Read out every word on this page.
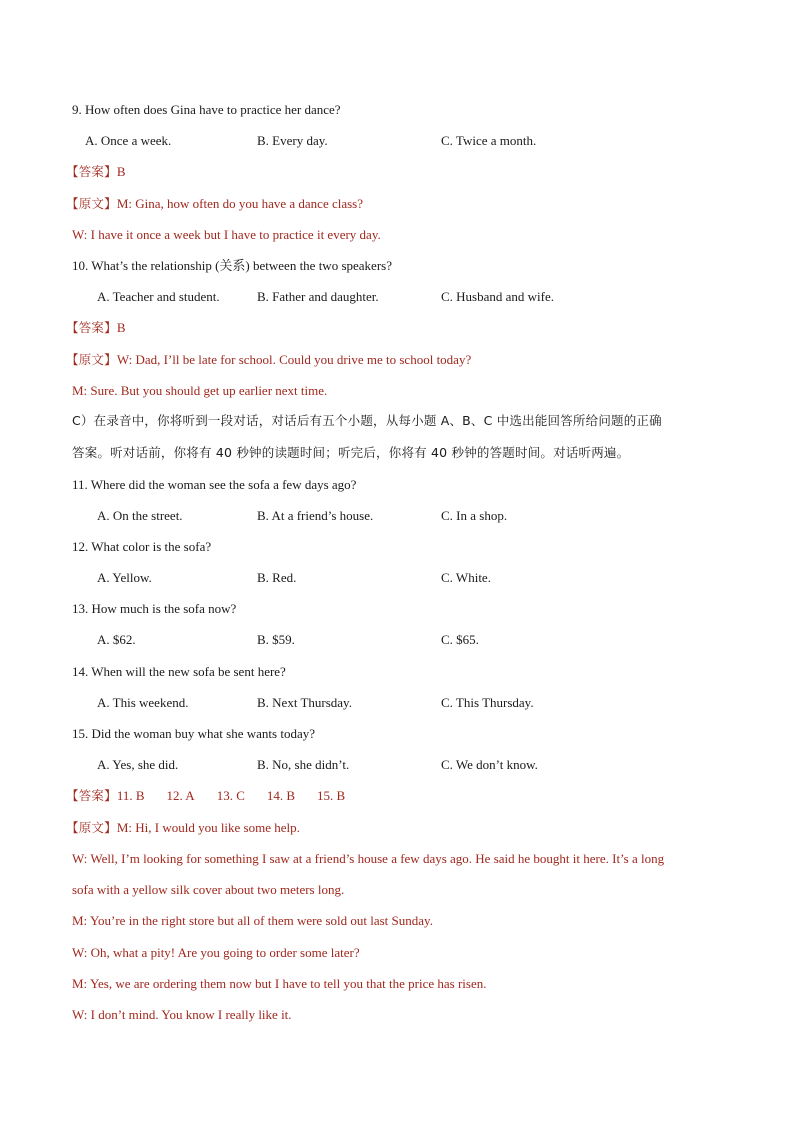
9. How often does Gina have to practice her dance?
A. Once a week.	B. Every day.	C. Twice a month.
【答案】B
【原文】M: Gina, how often do you have a dance class?
W: I have it once a week but I have to practice it every day.
10. What’s the relationship (关系) between the two speakers?
A. Teacher and student.	B. Father and daughter.	C. Husband and wife.
【答案】B
【原文】W: Dad, I’ll be late for school. Could you drive me to school today?
M: Sure. But you should get up earlier next time.
C）在录音中，你将听到一段对话，对话后有五个小题，从每小题 A、B、C 中选出能回答所给问题的正确
答案。听对话前，你将有 40 秒钟的读题时间；听完后，你将有 40 秒钟的答题时间。对话听两遍。
11. Where did the woman see the sofa a few days ago?
A. On the street.	B. At a friend’s house.	C. In a shop.
12. What color is the sofa?
A. Yellow.	B. Red.	C. White.
13. How much is the sofa now?
A. $62.	B. $59.	C. $65.
14. When will the new sofa be sent here?
A. This weekend.	B. Next Thursday.	C. This Thursday.
15. Did the woman buy what she wants today?
A. Yes, she did.	B. No, she didn’t.	C. We don’t know.
【答案】11. B 12. A 13. C 14. B 15. B
【原文】M: Hi, I would you like some help.
W: Well, I’m looking for something I saw at a friend’s house a few days ago. He said he bought it here. It’s a long
sofa with a yellow silk cover about two meters long.
M: You’re in the right store but all of them were sold out last Sunday.
W: Oh, what a pity! Are you going to order some later?
M: Yes, we are ordering them now but I have to tell you that the price has risen.
W: I don’t mind. You know I really like it.
